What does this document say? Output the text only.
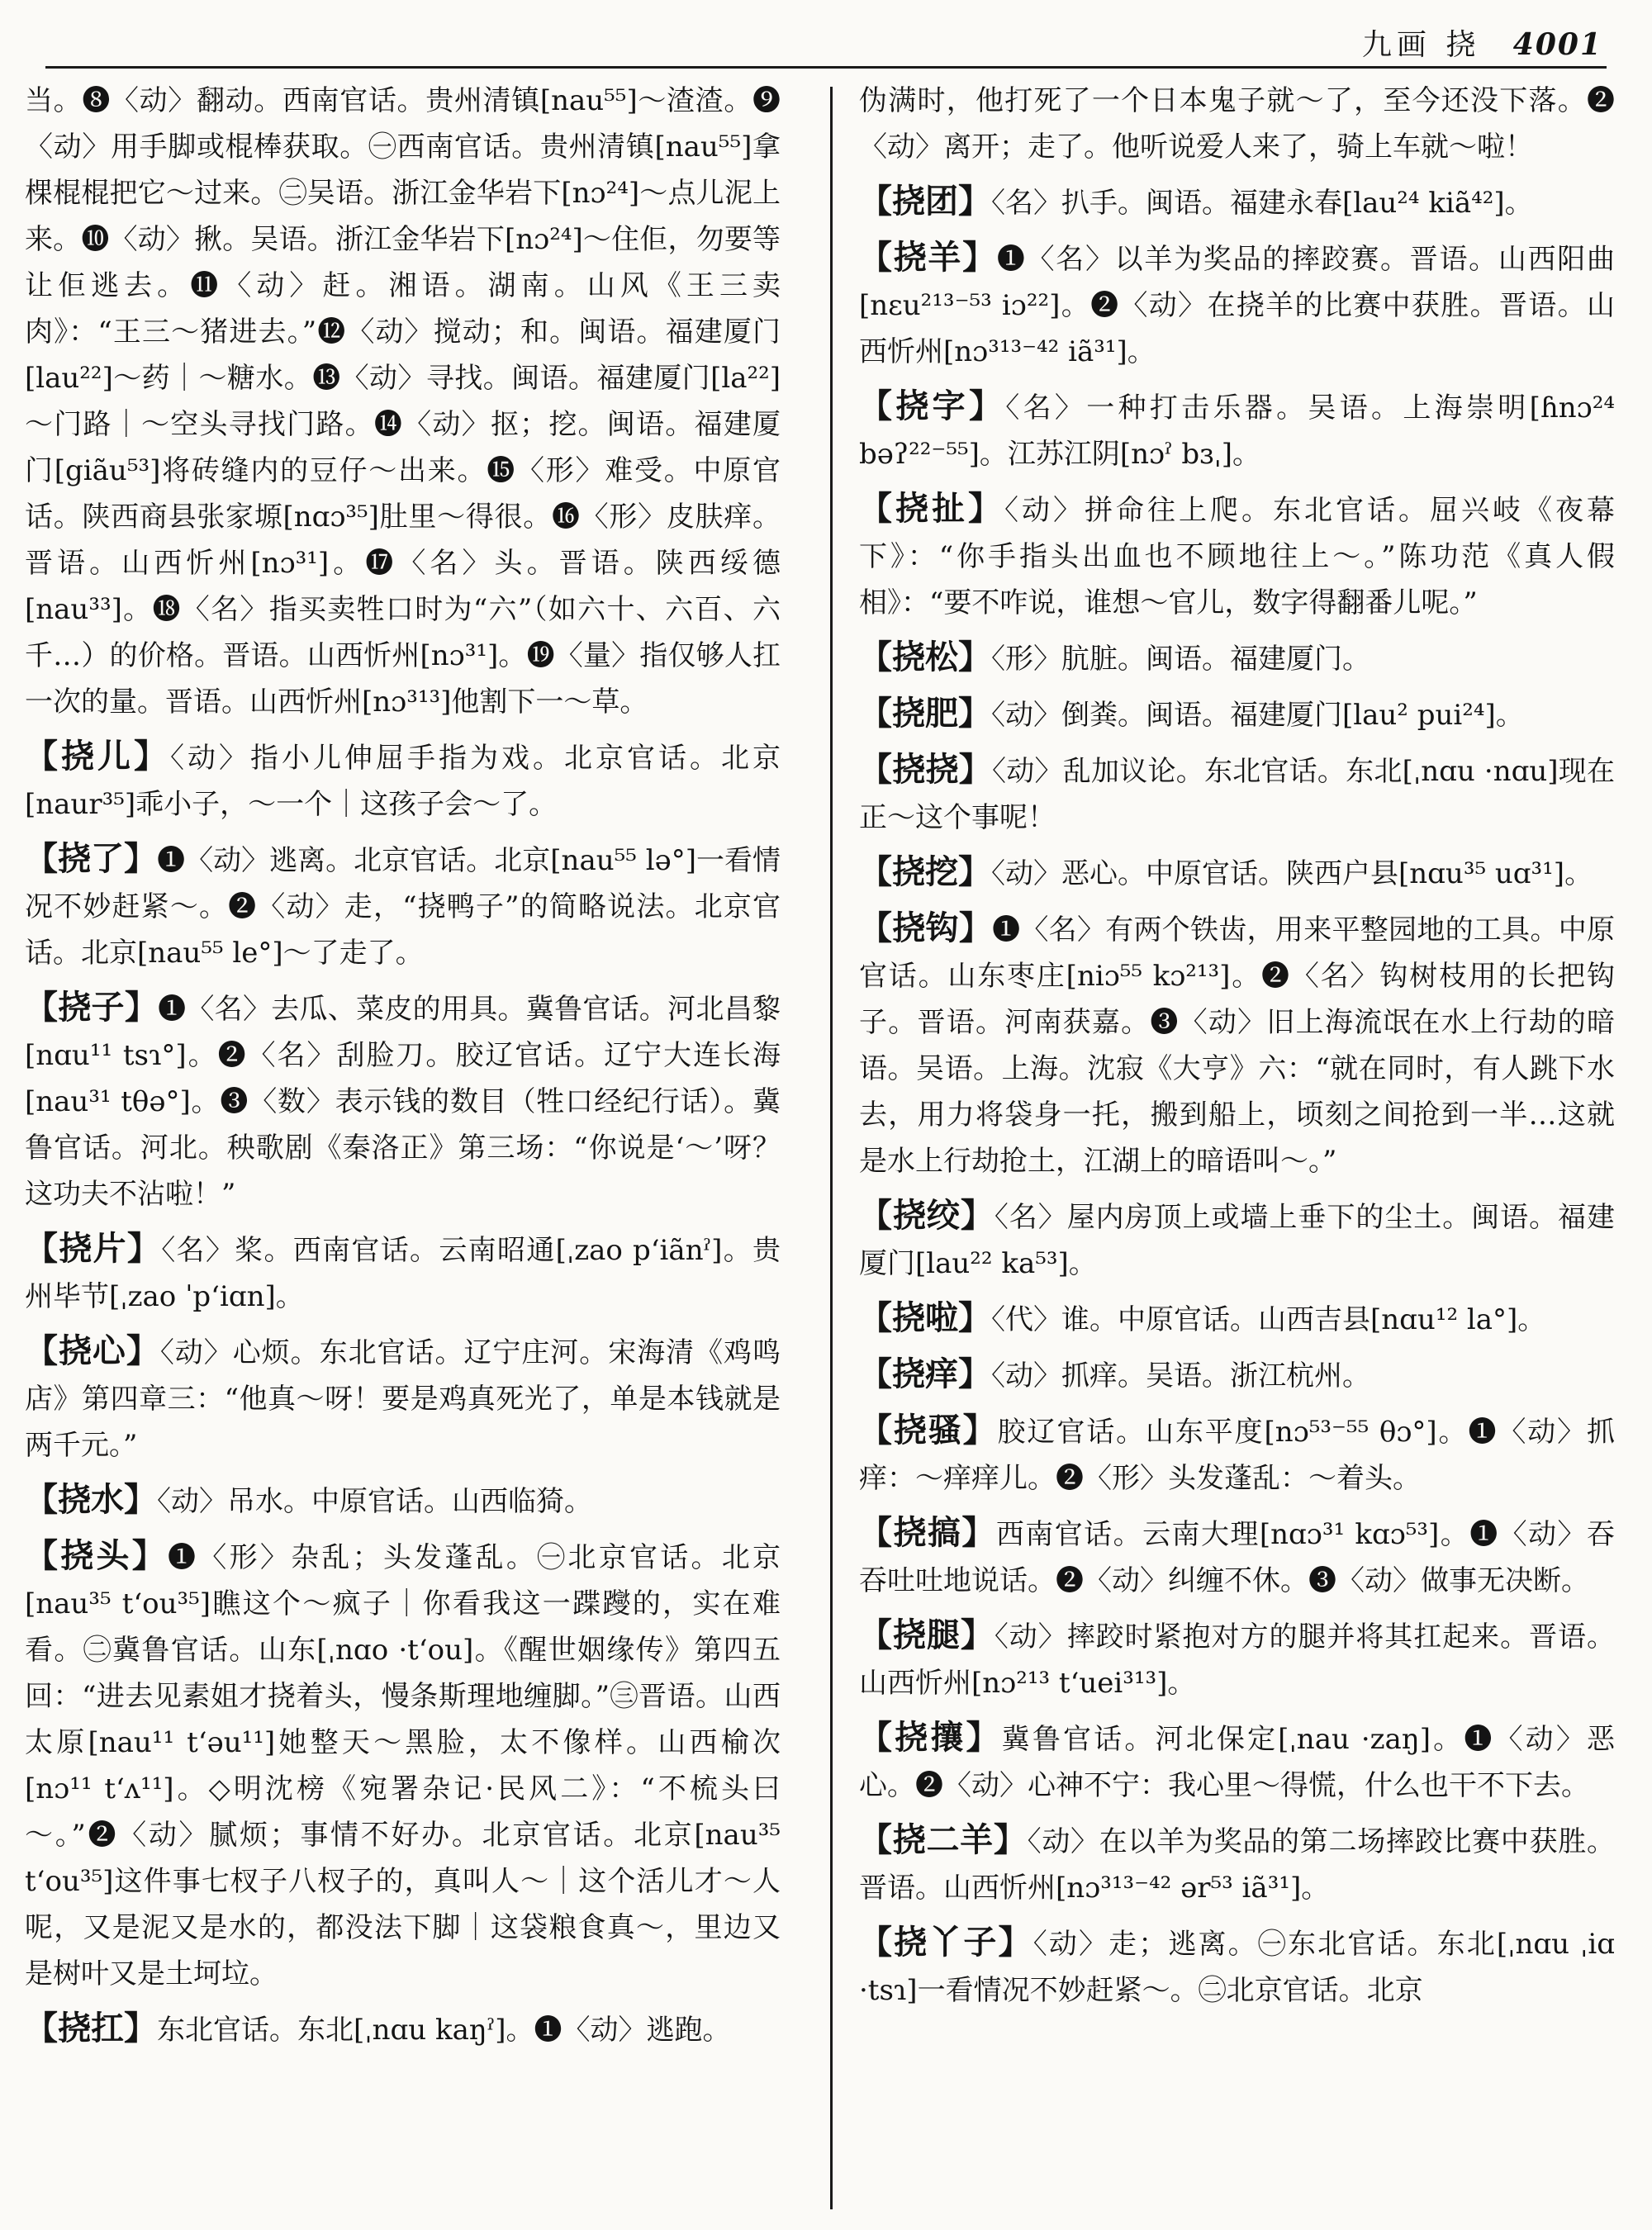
九画 挠 4001

当。❽〈动〉翻动。西南官话。贵州清镇[nau⁵⁵]～渣渣。❾〈动〉用手脚或棍棒获取。㊀西南官话。贵州清镇[nau⁵⁵]拿棵棍棍把它～过来。㊁吴语。浙江金华岩下[nɔ²⁴]～点儿泥上来。❿〈动〉揪。吴语。浙江金华岩下[nɔ²⁴]～住佢，勿要等让佢逃去。⓫〈动〉赶。湘语。湖南。山风《王三卖肉》：“王三～猪进去。”⓬〈动〉搅动；和。闽语。福建厦门[lau²²]～药｜～糖水。⓭〈动〉寻找。闽语。福建厦门[la²²]～门路｜～空头寻找门路。⓮〈动〉抠；挖。闽语。福建厦门[giãu⁵³]将砖缝内的豆仔～出来。⓯〈形〉难受。中原官话。陕西商县张家塬[nɑɔ³⁵]肚里～得很。⓰〈形〉皮肤痒。晋语。山西忻州[nɔ³¹]。⓱〈名〉头。晋语。陕西绥德[nau³³]。⓲〈名〉指买卖牲口时为“六”（如六十、六百、六千…）的价格。晋语。山西忻州[nɔ³¹]。⓳〈量〉指仅够人扛一次的量。晋语。山西忻州[nɔ³¹³]他割下一～草。

【挠儿】〈动〉指小儿伸屈手指为戏。北京官话。北京[naur³⁵]乖小子，～一个｜这孩子会～了。

【挠了】❶〈动〉逃离。北京官话。北京[nau⁵⁵ lə°]一看情况不妙赶紧～。❷〈动〉走，“挠鸭子”的简略说法。北京官话。北京[nau⁵⁵ le°]～了走了。

【挠子】❶〈名〉去瓜、菜皮的用具。冀鲁官话。河北昌黎[nɑu¹¹ tsɿ°]。❷〈名〉刮脸刀。胶辽官话。辽宁大连长海[nau³¹ tθə°]。❸〈数〉表示钱的数目（牲口经纪行话）。冀鲁官话。河北。秧歌剧《秦洛正》第三场：“你说是‘～’呀？这功夫不沾啦！”

【挠片】〈名〉桨。西南官话。云南昭通[ˌzao p‘iãnˀ]。贵州毕节[ˌzao ˈp‘iɑn]。

【挠心】〈动〉心烦。东北官话。辽宁庄河。宋海清《鸡鸣店》第四章三：“他真～呀！要是鸡真死光了，单是本钱就是两千元。”

【挠水】〈动〉吊水。中原官话。山西临猗。

【挠头】❶〈形〉杂乱；头发蓬乱。㊀北京官话。北京[nau³⁵ t‘ou³⁵]瞧这个～疯子｜你看我这一蹀躞的，实在难看。㊁冀鲁官话。山东[ˌnɑo ·t‘ou]。《醒世姻缘传》第四五回：“进去见素姐才挠着头，慢条斯理地缠脚。”㊂晋语。山西太原[nau¹¹ t‘əu¹¹]她整天～黑脸，太不像样。山西榆次[nɔ¹¹ t‘ʌ¹¹]。◇明沈榜《宛署杂记·民风二》：“不梳头曰～。”❷〈动〉腻烦；事情不好办。北京官话。北京[nau³⁵ t‘ou³⁵]这件事七杈子八杈子的，真叫人～｜这个活儿才～人呢，又是泥又是水的，都没法下脚｜这袋粮食真～，里边又是树叶又是土坷垃。

【挠扛】东北官话。东北[ˌnɑu kaŋˀ]。❶〈动〉逃跑。

伪满时，他打死了一个日本鬼子就～了，至今还没下落。❷〈动〉离开；走了。他听说爱人来了，骑上车就～啦！

【挠团】〈名〉扒手。闽语。福建永春[lau²⁴ kiã⁴²]。

【挠羊】❶〈名〉以羊为奖品的摔跤赛。晋语。山西阳曲[nɛu²¹³⁻⁵³ iɔ²²]。❷〈动〉在挠羊的比赛中获胜。晋语。山西忻州[nɔ³¹³⁻⁴² iã³¹]。

【挠字】〈名〉一种打击乐器。吴语。上海崇明[ɦnɔ²⁴ bəʔ²²⁻⁵⁵]。江苏江阴[nɔˀ bɜˌ]。

【挠扯】〈动〉拼命往上爬。东北官话。屈兴岐《夜幕下》：“你手指头出血也不顾地往上～。”陈功范《真人假相》：“要不咋说，谁想～官儿，数字得翻番儿呢。”

【挠松】〈形〉肮脏。闽语。福建厦门。

【挠肥】〈动〉倒粪。闽语。福建厦门[lau² pui²⁴]。

【挠挠】〈动〉乱加议论。东北官话。东北[ˌnɑu ·nɑu]现在正～这个事呢！

【挠挖】〈动〉恶心。中原官话。陕西户县[nɑu³⁵ uɑ³¹]。

【挠钩】❶〈名〉有两个铁齿，用来平整园地的工具。中原官话。山东枣庄[niɔ⁵⁵ kɔ²¹³]。❷〈名〉钩树枝用的长把钩子。晋语。河南获嘉。❸〈动〉旧上海流氓在水上行劫的暗语。吴语。上海。沈寂《大亨》六：“就在同时，有人跳下水去，用力将袋身一托，搬到船上，顷刻之间抢到一半…这就是水上行劫抢土，江湖上的暗语叫～。”

【挠绞】〈名〉屋内房顶上或墙上垂下的尘土。闽语。福建厦门[lau²² ka⁵³]。

【挠啦】〈代〉谁。中原官话。山西吉县[nɑu¹² la°]。

【挠痒】〈动〉抓痒。吴语。浙江杭州。

【挠骚】胶辽官话。山东平度[nɔ⁵³⁻⁵⁵ θɔ°]。❶〈动〉抓痒：～痒痒儿。❷〈形〉头发蓬乱：～着头。

【挠搞】西南官话。云南大理[nɑɔ³¹ kɑɔ⁵³]。❶〈动〉吞吞吐吐地说话。❷〈动〉纠缠不休。❸〈动〉做事无决断。

【挠腿】〈动〉摔跤时紧抱对方的腿并将其扛起来。晋语。山西忻州[nɔ²¹³ t‘uei³¹³]。

【挠攘】冀鲁官话。河北保定[ˌnau ·zaŋ]。❶〈动〉恶心。❷〈动〉心神不宁：我心里～得慌，什么也干不下去。

【挠二羊】〈动〉在以羊为奖品的第二场摔跤比赛中获胜。晋语。山西忻州[nɔ³¹³⁻⁴² ər⁵³ iã³¹]。

【挠丫子】〈动〉走；逃离。㊀东北官话。东北[ˌnɑu ˌiɑ ·tsɿ]一看情况不妙赶紧～。㊁北京官话。北京
